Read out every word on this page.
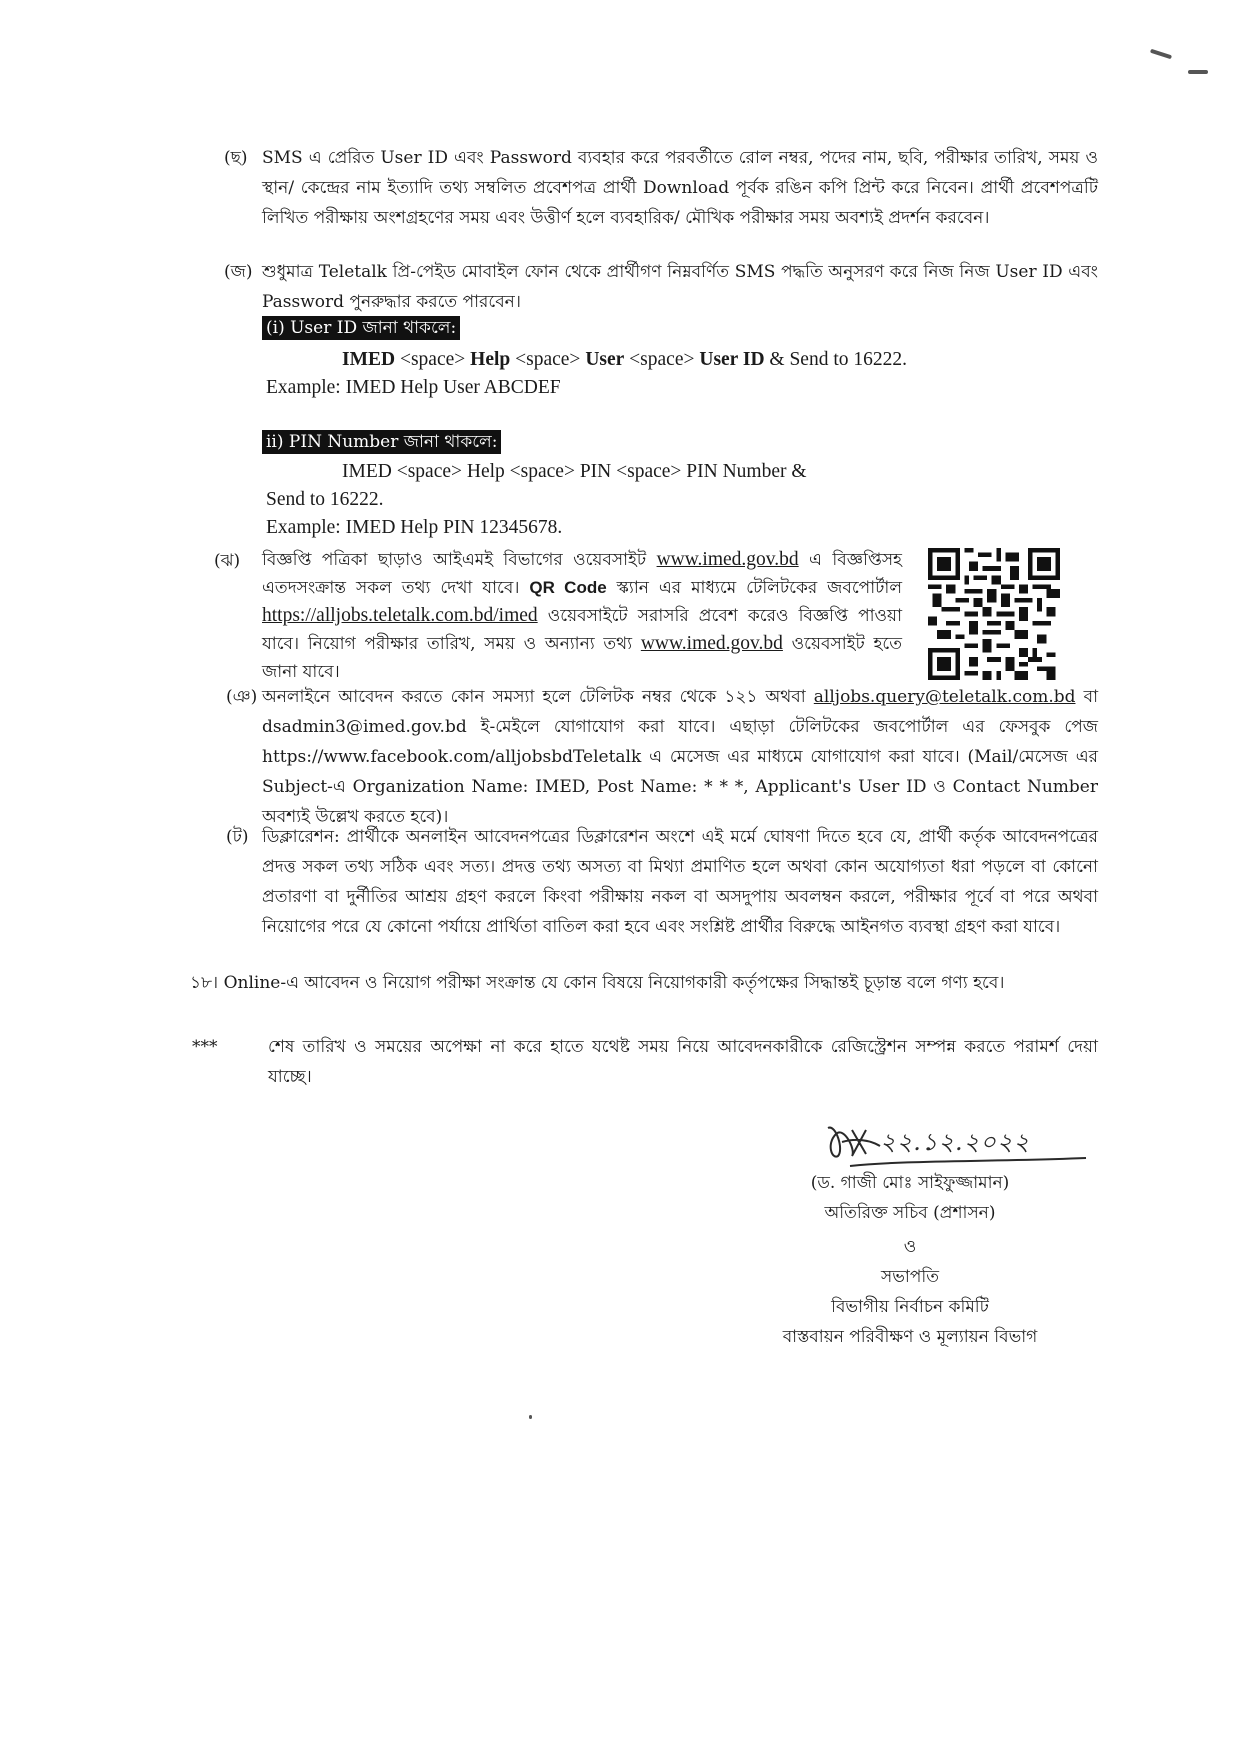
(ছ) SMS এ প্রেরিত User ID এবং Password ব্যবহার করে পরবর্তীতে রোল নম্বর, পদের নাম, ছবি, পরীক্ষার তারিখ, সময় ও স্থান/ কেন্দ্রের নাম ইত্যাদি তথ্য সম্বলিত প্রবেশপত্র প্রার্থী Download পূর্বক রঙিন কপি প্রিন্ট করে নিবেন। প্রার্থী প্রবেশপত্রটি লিখিত পরীক্ষায় অংশগ্রহণের সময় এবং উত্তীর্ণ হলে ব্যবহারিক/ মৌখিক পরীক্ষার সময় অবশ্যই প্রদর্শন করবেন।
(জ) শুধুমাত্র Teletalk প্রি-পেইড মোবাইল ফোন থেকে প্রার্থীগণ নিম্নবর্ণিত SMS পদ্ধতি অনুসরণ করে নিজ নিজ User ID এবং Password পুনরুদ্ধার করতে পারবেন।
(i) User ID জানা থাকলে:
IMED <space> Help <space> User <space> User ID & Send to 16222.
Example: IMED Help User ABCDEF
ii) PIN Number জানা থাকলে:
IMED <space> Help <space> PIN <space> PIN Number &
Send to 16222.
Example: IMED Help PIN 12345678.
(ঝ) বিজ্ঞপ্তি পত্রিকা ছাড়াও আইএমই বিভাগের ওয়েবসাইট www.imed.gov.bd এ বিজ্ঞপ্তিসহ এতদসংক্রান্ত সকল তথ্য দেখা যাবে। QR Code স্ক্যান এর মাধ্যমে টেলিটকের জবপোর্টাল https://alljobs.teletalk.com.bd/imed ওয়েবসাইটে সরাসরি প্রবেশ করেও বিজ্ঞপ্তি পাওয়া যাবে। নিয়োগ পরীক্ষার তারিখ, সময় ও অন্যান্য তথ্য www.imed.gov.bd ওয়েবসাইট হতে জানা যাবে।
(ঞ) অনলাইনে আবেদন করতে কোন সমস্যা হলে টেলিটক নম্বর থেকে ১২১ অথবা alljobs.query@teletalk.com.bd বা dsadmin3@imed.gov.bd ই-মেইলে যোগাযোগ করা যাবে। এছাড়া টেলিটকের জবপোর্টাল এর ফেসবুক পেজ https://www.facebook.com/alljobsbdTeletalk এ মেসেজ এর মাধ্যমে যোগাযোগ করা যাবে। (Mail/মেসেজ এর Subject-এ Organization Name: IMED, Post Name: * * *, Applicant's User ID ও Contact Number অবশ্যই উল্লেখ করতে হবে)।
(ট) ডিক্লারেশন: প্রার্থীকে অনলাইন আবেদনপত্রের ডিক্লারেশন অংশে এই মর্মে ঘোষণা দিতে হবে যে, প্রার্থী কর্তৃক আবেদনপত্রের প্রদত্ত সকল তথ্য সঠিক এবং সত্য। প্রদত্ত তথ্য অসত্য বা মিথ্যা প্রমাণিত হলে অথবা কোন অযোগ্যতা ধরা পড়লে বা কোনো প্রতারণা বা দুর্নীতির আশ্রয় গ্রহণ করলে কিংবা পরীক্ষায় নকল বা অসদুপায় অবলম্বন করলে, পরীক্ষার পূর্বে বা পরে অথবা নিয়োগের পরে যে কোনো পর্যায়ে প্রার্থিতা বাতিল করা হবে এবং সংশ্লিষ্ট প্রার্থীর বিরুদ্ধে আইনগত ব্যবস্থা গ্রহণ করা যাবে।
১৮। Online-এ আবেদন ও নিয়োগ পরীক্ষা সংক্রান্ত যে কোন বিষয়ে নিয়োগকারী কর্তৃপক্ষের সিদ্ধান্তই চূড়ান্ত বলে গণ্য হবে।
***	শেষ তারিখ ও সময়ের অপেক্ষা না করে হাতে যথেষ্ট সময় নিয়ে আবেদনকারীকে রেজিস্ট্রেশন সম্পন্ন করতে পরামর্শ দেয়া যাচ্ছে।
২২.১২.২০২২
(ড. গাজী মোঃ সাইফুজ্জামান)
অতিরিক্ত সচিব (প্রশাসন)
ও
সভাপতি
বিভাগীয় নির্বাচন কমিটি
বাস্তবায়ন পরিবীক্ষণ ও মূল্যায়ন বিভাগ
